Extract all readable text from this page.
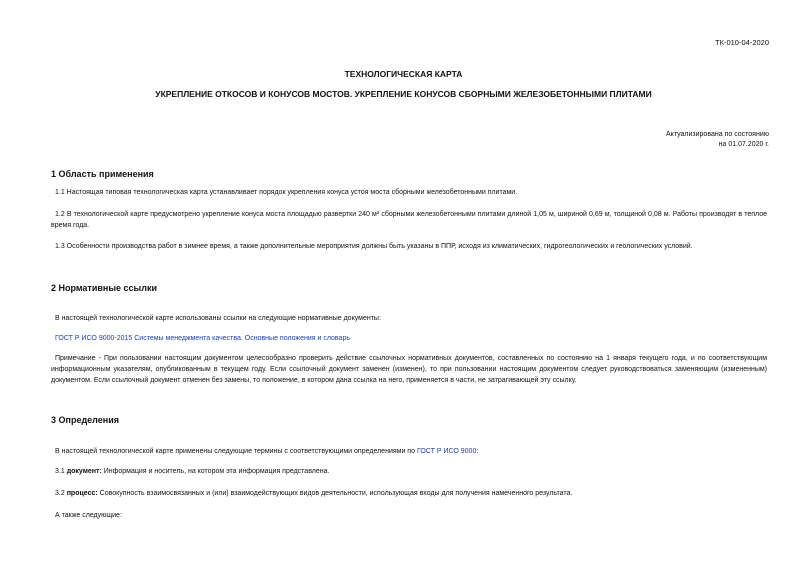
ТК-010-04-2020
ТЕХНОЛОГИЧЕСКАЯ КАРТА
УКРЕПЛЕНИЕ ОТКОСОВ И КОНУСОВ МОСТОВ. УКРЕПЛЕНИЕ КОНУСОВ СБОРНЫМИ ЖЕЛЕЗОБЕТОННЫМИ ПЛИТАМИ
Актуализирована по состоянию
на 01.07.2020 г.
1 Область применения
1.1 Настоящая типовая технологическая карта устанавливает порядок укрепления конуса устоя моста сборными железобетонными плитами.
1.2 В технологической карте предусмотрено укрепление конуса моста площадью развертки 240 м² сборными железобетонными плитами длиной 1,05 м, шириной 0,69 м, толщиной 0,08 м. Работы производят в теплое время года.
1.3 Особенности производства работ в зимнее время, а также дополнительные мероприятия должны быть указаны в ППР, исходя из климатических, гидрогеологических и геологических условий.
2 Нормативные ссылки
В настоящей технологической карте использованы ссылки на следующие нормативные документы:
ГОСТ Р ИСО 9000-2015 Системы менеджмента качества. Основные положения и словарь
Примечание - При пользовании настоящим документом целесообразно проверить действие ссылочных нормативных документов, составленных по состоянию на 1 января текущего года, и по соответствующим информационным указателям, опубликованным в текущем году. Если ссылочный документ заменен (изменен), то при пользовании настоящим документом следует руководствоваться заменяющим (измененным) документом. Если ссылочный документ отменен без замены, то положение, в котором дана ссылка на него, применяется в части, не затрагивающей эту ссылку.
3 Определения
В настоящей технологической карте применены следующие термины с соответствующими определениями по ГОСТ Р ИСО 9000:
3.1 документ: Информация и носитель, на котором эта информация представлена.
3.2 процесс: Совокупность взаимосвязанных и (или) взаимодействующих видов деятельности, использующая входы для получения намеченного результата.
А также следующие:
